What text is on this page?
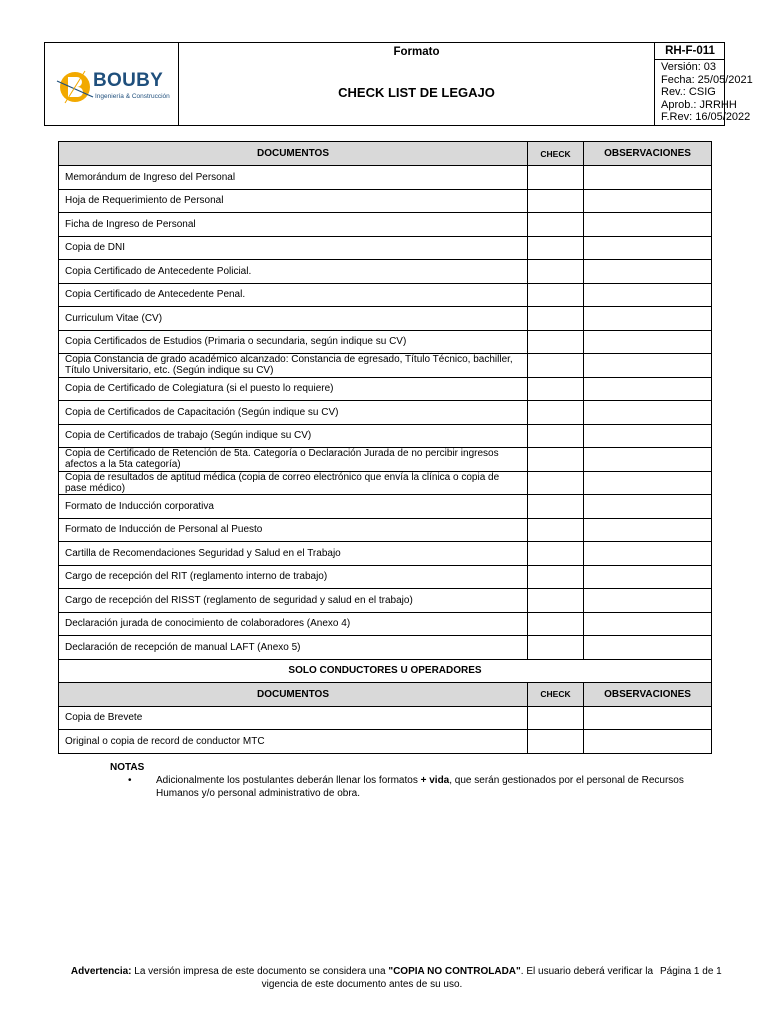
BOUBY
Ingeniería & Construcción
Formato
CHECK LIST DE LEGAJO
RH-F-011
Versión: 03
Fecha: 25/05/2021
Rev.: CSIG
Aprob.: JRRHH
F.Rev: 16/05/2022
DOCUMENTOS	CHECK	OBSERVACIONES
Memorándum de Ingreso del Personal		
Hoja de Requerimiento de Personal		
Ficha de Ingreso de Personal		
Copia de DNI		
Copia Certificado de Antecedente Policial.		
Copia Certificado de Antecedente Penal.		
Curriculum Vitae (CV)		
Copia Certificados de Estudios (Primaria o secundaria, según indique su CV)		
Copia Constancia de grado académico alcanzado: Constancia de egresado, Título Técnico, bachiller, Título Universitario, etc. (Según indique su CV)		
Copia de Certificado de Colegiatura (si el puesto lo requiere)		
Copia de Certificados de Capacitación (Según indique su CV)		
Copia de Certificados de trabajo (Según indique su CV)		
Copia de Certificado de Retención de 5ta. Categoría o Declaración Jurada de no percibir ingresos afectos a la 5ta categoría)		
Copia de resultados de aptitud médica (copia de correo electrónico que envía la clínica o copia de pase médico)		
Formato de Inducción corporativa		
Formato de Inducción de Personal al Puesto		
Cartilla de Recomendaciones Seguridad y Salud en el Trabajo		
Cargo de recepción del RIT (reglamento interno de trabajo)		
Cargo de recepción del RISST (reglamento de seguridad y salud en el trabajo)		
Declaración jurada de conocimiento de colaboradores (Anexo 4)		
Declaración de recepción de manual LAFT (Anexo 5)		
SOLO CONDUCTORES U OPERADORES		
DOCUMENTOS	CHECK	OBSERVACIONES
Copia de Brevete		
Original o copia de record de conductor MTC		
NOTAS
• Adicionalmente los postulantes deberán llenar los formatos + vida, que serán gestionados por el personal de Recursos Humanos y/o personal administrativo de obra.
Advertencia: La versión impresa de este documento se considera una "COPIA NO CONTROLADA". El usuario deberá verificar la vigencia de este documento antes de su uso.
Página 1 de 1
